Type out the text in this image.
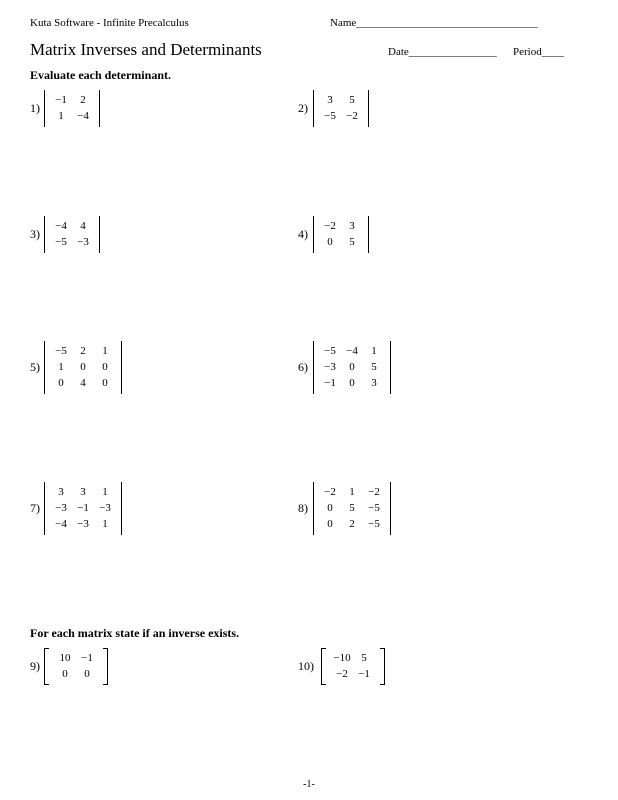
Kuta Software - Infinite Precalculus	Name_________________________________
Matrix Inverses and Determinants	Date________________ Period____
Evaluate each determinant.
For each matrix state if an inverse exists.
1)	2)
3)	4)
5)	6)
7)	8)
9)	10)
−1	2
1	−4
3	5
−5 −2
−4	4
−5 −3
−2	3
0	5
−5	2	1
1	0	0
0	4	0
−5 −4	1
−3	0	5
−1	0	3
3	3	1
−3 −1 −3
−4 −3	1
−2	1	−2
0	5	−5
0	2	−5
10 −1
0	0
−10 5
−2 −1
-1-
